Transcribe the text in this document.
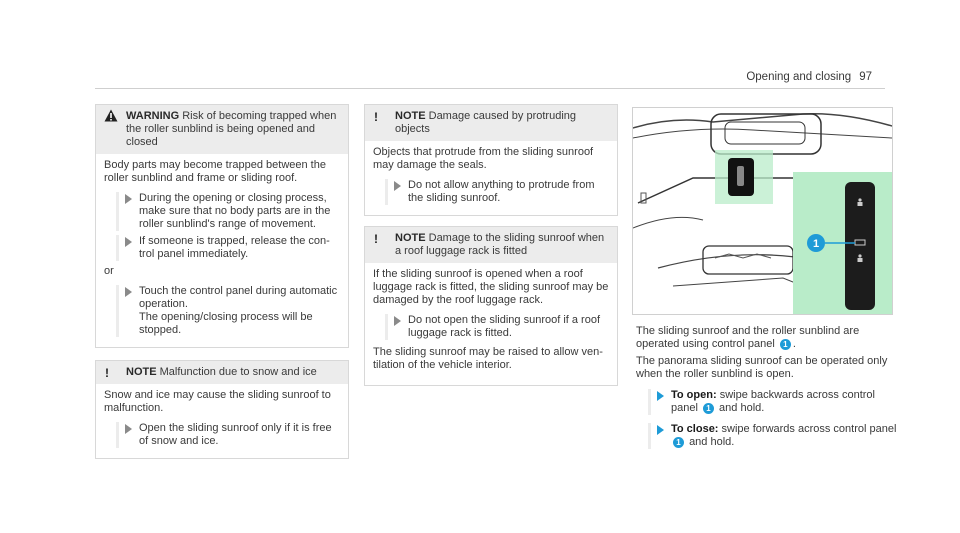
Opening and closing 97
WARNING Risk of becoming trapped when the roller sunblind is being opened and closed

Body parts may become trapped between the roller sunblind and frame or sliding roof.

During the opening or closing process, make sure that no body parts are in the roller sunblind's range of movement.
If someone is trapped, release the con-trol panel immediately.

or

Touch the control panel during automatic operation.
The opening/closing process will be stopped.
! NOTE Malfunction due to snow and ice

Snow and ice may cause the sliding sunroof to malfunction.

Open the sliding sunroof only if it is free of snow and ice.
! NOTE Damage caused by protruding objects

Objects that protrude from the sliding sunroof may damage the seals.

Do not allow anything to protrude from the sliding sunroof.
! NOTE Damage to the sliding sunroof when a roof luggage rack is fitted

If the sliding sunroof is opened when a roof luggage rack is fitted, the sliding sunroof may be damaged by the roof luggage rack.

Do not open the sliding sunroof if a roof luggage rack is fitted.

The sliding sunroof may be raised to allow ven-tilation of the vehicle interior.

1

The sliding sunroof and the roller sunblind are operated using control panel 1 .

The panorama sliding sunroof can be operated only when the roller sunblind is open.

To open: swipe backwards across control panel 1 and hold.
To close: swipe forwards across control panel 1 and hold.
